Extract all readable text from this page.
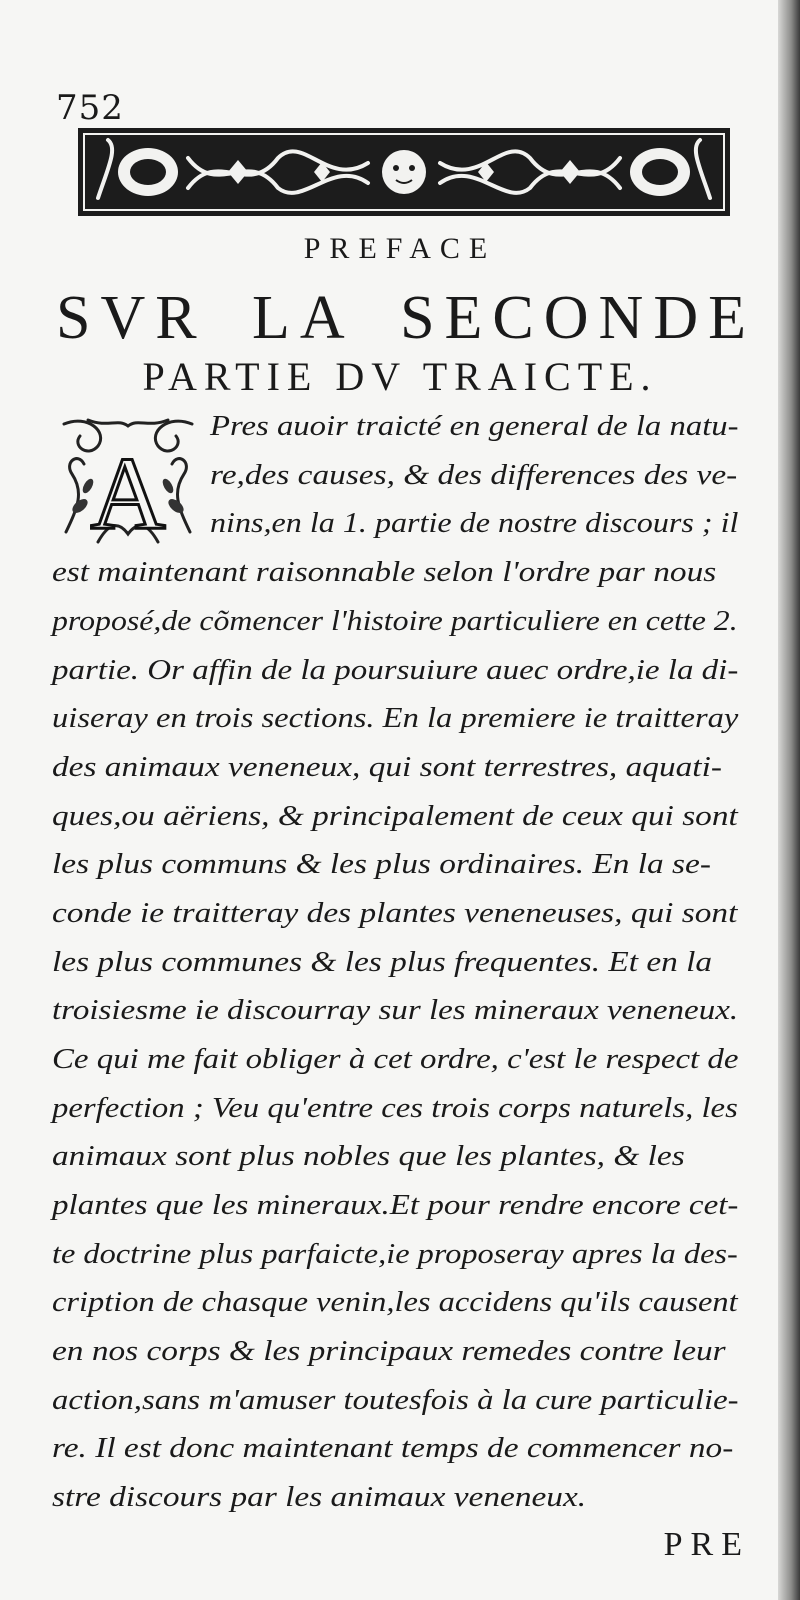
752
PREFACE
SVR LA SECONDE
PARTIE DV TRAICTE.
A
Pres auoir traicté en general de la natu-
re,des causes, & des differences des ve-
nins,en la 1. partie de nostre discours ; il
est maintenant raisonnable selon l'ordre par nous
proposé,de cõmencer l'histoire particuliere en cette 2.
partie. Or affin de la poursuiure auec ordre,ie la di-
uiseray en trois sections. En la premiere ie traitteray
des animaux veneneux, qui sont terrestres, aquati-
ques,ou aëriens, & principalement de ceux qui sont
les plus communs & les plus ordinaires. En la se-
conde ie traitteray des plantes veneneuses, qui sont
les plus communes & les plus frequentes. Et en la
troisiesme ie discourray sur les mineraux veneneux.
Ce qui me fait obliger à cet ordre, c'est le respect de
perfection ; Veu qu'entre ces trois corps naturels, les
animaux sont plus nobles que les plantes, & les
plantes que les mineraux.Et pour rendre encore cet-
te doctrine plus parfaicte,ie proposeray apres la des-
cription de chasque venin,les accidens qu'ils causent
en nos corps & les principaux remedes contre leur
action,sans m'amuser toutesfois à la cure particulie-
re. Il est donc maintenant temps de commencer no-
stre discours par les animaux veneneux.
PRE
